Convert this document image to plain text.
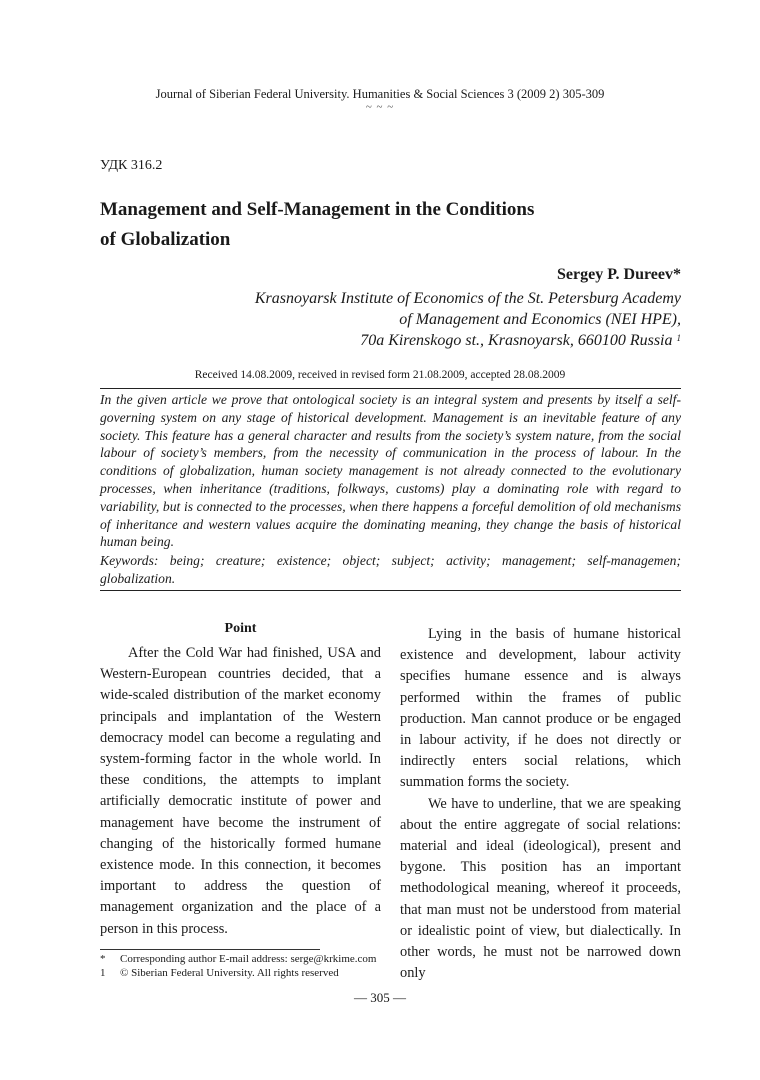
Journal of Siberian Federal University. Humanities & Social Sciences 3 (2009 2) 305-309
~ ~ ~
УДК 316.2
Management and Self-Management in the Conditions
of Globalization
Sergey P. Dureev*
Krasnoyarsk Institute of Economics of the St. Petersburg Academy
of Management and Economics (NEI HPE),
70a Kirenskogo st., Krasnoyarsk, 660100 Russia $^1$
Received 14.08.2009, received in revised form 21.08.2009, accepted 28.08.2009
In the given article we prove that ontological society is an integral system and presents by itself a self-governing system on any stage of historical development. Management is an inevitable feature of any society. This feature has a general character and results from the society’s system nature, from the social labour of society’s members, from the necessity of communication in the process of labour. In the conditions of globalization, human society management is not already connected to the evolutionary processes, when inheritance (traditions, folkways, customs) play a dominating role with regard to variability, but is connected to the processes, when there happens a forceful demolition of old mechanisms of inheritance and western values acquire the dominating meaning, they change the basis of historical human being.
Keywords: being; creature; existence; object; subject; activity; management; self-managemen; globalization.
Point

After the Cold War had finished, USA and Western-European countries decided, that a wide-scaled distribution of the market economy principals and implantation of the Western democracy model can become a regulating and system-forming factor in the whole world. In these conditions, the attempts to implant artificially democratic institute of power and management have become the instrument of changing of the historically formed humane existence mode. In this connection, it becomes important to address the question of management organization and the place of a person in this process.

Lying in the basis of humane historical existence and development, labour activity specifies humane essence and is always performed within the frames of public production. Man cannot produce or be engaged in labour activity, if he does not directly or indirectly enters social relations, which summation forms the society.

We have to underline, that we are speaking about the entire aggregate of social relations: material and ideal (ideological), present and bygone. This position has an important methodological meaning, whereof it proceeds, that man must not be understood from material or idealistic point of view, but dialectically. In other words, he must not be narrowed down only

* Corresponding author E-mail address: serge@krkime.com
1 © Siberian Federal University. All rights reserved
— 305 —
